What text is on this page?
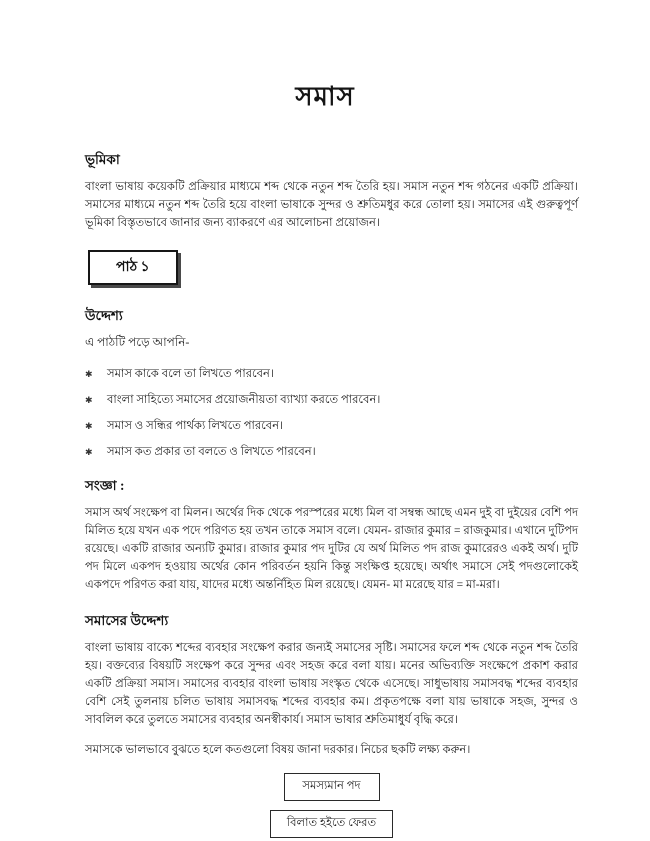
সমাস
ভূমিকা

বাংলা ভাষায় কয়েকটি প্রক্রিয়ার মাধ্যমে শব্দ থেকে নতুন শব্দ তৈরি হয়। সমাস নতুন শব্দ গঠনের একটি প্রক্রিয়া। সমাসের মাধ্যমে নতুন শব্দ তৈরি হয়ে বাংলা ভাষাকে সুন্দর ও শ্রুতিমধুর করে তোলা হয়। সমাসের এই গুরুত্বপূর্ণ ভূমিকা বিস্তৃতভাবে জানার জন্য ব্যাকরণে এর আলোচনা প্রয়োজন।

পাঠ ১
উদ্দেশ্য

এ পাঠটি পড়ে আপনি-

✱	সমাস কাকে বলে তা লিখতে পারবেন।
✱	বাংলা সাহিত্যে সমাসের প্রয়োজনীয়তা ব্যাখ্যা করতে পারবেন।
✱	সমাস ও সন্ধির পার্থক্য লিখতে পারবেন।
✱	সমাস কত প্রকার তা বলতে ও লিখতে পারবেন।
সংজ্ঞা :

সমাস অর্থ সংক্ষেপ বা মিলন। অর্থের দিক থেকে পরস্পরের মধ্যে মিল বা সম্বন্ধ আছে এমন দুই বা দুইয়ের বেশি পদ মিলিত হয়ে যখন এক পদে পরিণত হয় তখন তাকে সমাস বলে। যেমন- রাজার কুমার = রাজকুমার। এখানে দুটিপদ রয়েছে। একটি রাজার অন্যটি কুমার। রাজার কুমার পদ দুটির যে অর্থ মিলিত পদ রাজ কুমারেরও একই অর্থ। দুটি পদ মিলে একপদ হওয়ায় অর্থের কোন পরিবর্তন হয়নি কিন্তু সংক্ষিপ্ত হয়েছে। অর্থাৎ সমাসে সেই পদগুলোকেই একপদে পরিণত করা যায়, যাদের মধ্যে অন্তর্নিহিত মিল রয়েছে। যেমন- মা মরেছে যার = মা-মরা।

সমাসের উদ্দেশ্য

বাংলা ভাষায় বাক্যে শব্দের ব্যবহার সংক্ষেপ করার জন্যই সমাসের সৃষ্টি। সমাসের ফলে শব্দ থেকে নতুন শব্দ তৈরি হয়। বক্তব্যের বিষয়টি সংক্ষেপ করে সুন্দর এবং সহজ করে বলা যায়। মনের অভিব্যক্তি সংক্ষেপে প্রকাশ করার একটি প্রক্রিয়া সমাস। সমাসের ব্যবহার বাংলা ভাষায় সংস্কৃত থেকে এসেছে। সাধুভাষায় সমাসবদ্ধ শব্দের ব্যবহার বেশি সেই তুলনায় চলিত ভাষায় সমাসবদ্ধ শব্দের ব্যবহার কম। প্রকৃতপক্ষে বলা যায় ভাষাকে সহজ, সুন্দর ও সাবলিল করে তুলতে সমাসের ব্যবহার অনস্বীকার্য। সমাস ভাষার শ্রুতিমাধুর্য বৃদ্ধি করে।

সমাসকে ভালভাবে বুঝতে হলে কতগুলো বিষয় জানা দরকার। নিচের ছকটি লক্ষ্য করুন।

সমস্যমান পদ
বিলাত হইতে ফেরত
